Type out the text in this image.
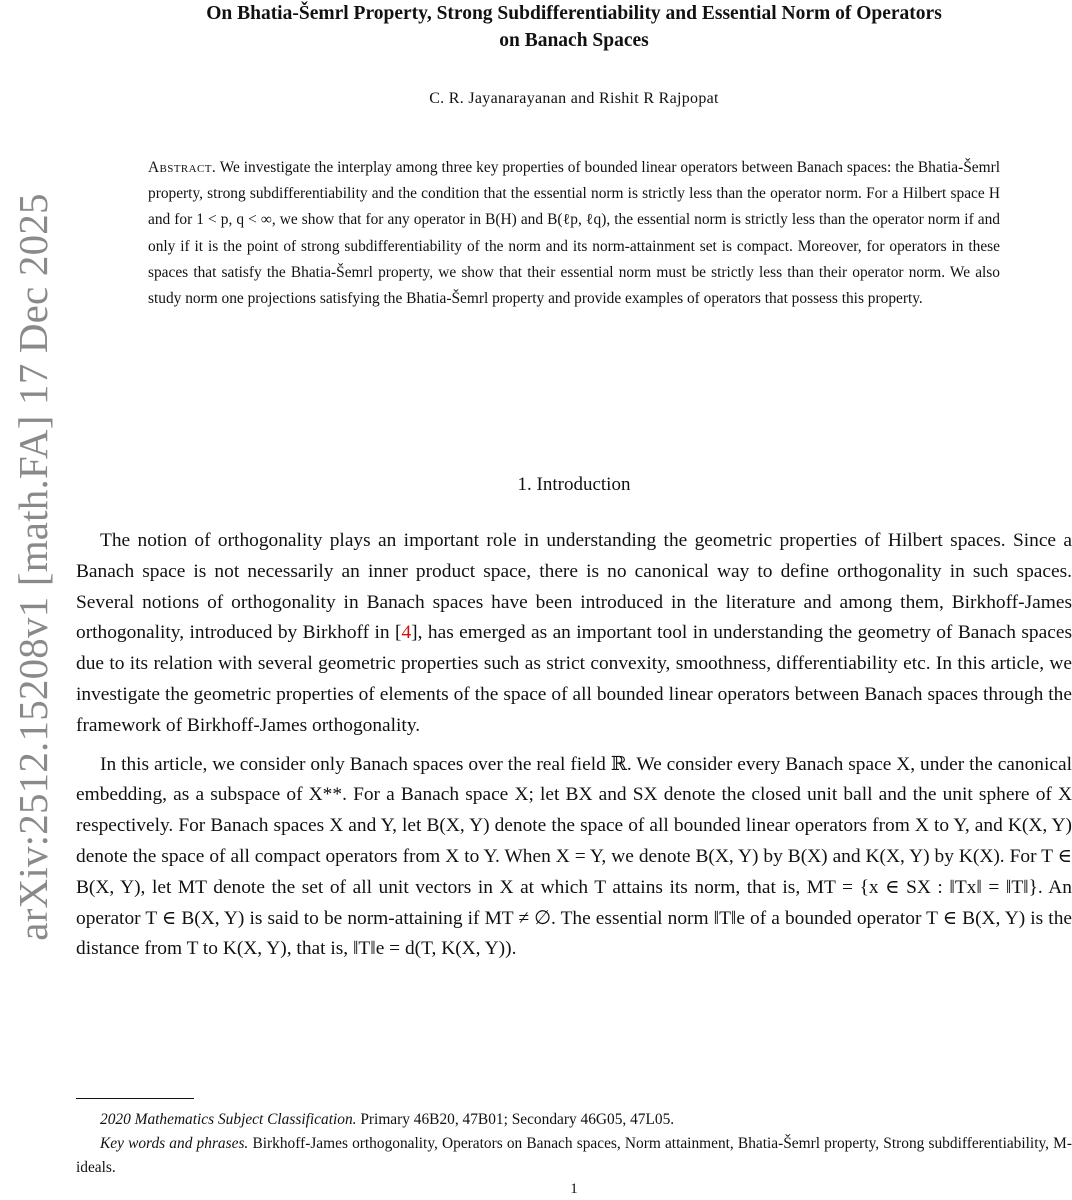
arXiv:2512.15208v1 [math.FA] 17 Dec 2025
On Bhatia-Šemrl Property, Strong Subdifferentiability and Essential Norm of Operators
on Banach Spaces
C. R. Jayanarayanan and Rishit R Rajpopat

Abstract. We investigate the interplay among three key properties of bounded linear operators between Banach spaces: the Bhatia-Šemrl property, strong subdifferentiability and the condition that the essential norm is strictly less than the operator norm. For a Hilbert space H and for 1 < p, q < ∞, we show that for any operator in B(H) and B(ℓp, ℓq), the essential norm is strictly less than the operator norm if and only if it is the point of strong subdifferentiability of the norm and its norm-attainment set is compact. Moreover, for operators in these spaces that satisfy the Bhatia-Šemrl property, we show that their essential norm must be strictly less than their operator norm. We also study norm one projections satisfying the Bhatia-Šemrl property and provide examples of operators that possess this property.

1. Introduction

The notion of orthogonality plays an important role in understanding the geometric properties of Hilbert spaces. Since a Banach space is not necessarily an inner product space, there is no canonical way to define orthogonality in such spaces. Several notions of orthogonality in Banach spaces have been introduced in the literature and among them, Birkhoff-James orthogonality, introduced by Birkhoff in [4], has emerged as an important tool in understanding the geometry of Banach spaces due to its relation with several geometric properties such as strict convexity, smoothness, differentiability etc. In this article, we investigate the geometric properties of elements of the space of all bounded linear operators between Banach spaces through the framework of Birkhoff-James orthogonality.

In this article, we consider only Banach spaces over the real field ℝ. We consider every Banach space X, under the canonical embedding, as a subspace of X**. For a Banach space X; let BX and SX denote the closed unit ball and the unit sphere of X respectively. For Banach spaces X and Y, let B(X, Y) denote the space of all bounded linear operators from X to Y, and K(X, Y) denote the space of all compact operators from X to Y. When X = Y, we denote B(X, Y) by B(X) and K(X, Y) by K(X). For T ∈ B(X, Y), let MT denote the set of all unit vectors in X at which T attains its norm, that is, MT = {x ∈ SX : ‖Tx‖ = ‖T‖}. An operator T ∈ B(X, Y) is said to be norm-attaining if MT ≠ ∅. The essential norm ‖T‖e of a bounded operator T ∈ B(X, Y) is the distance from T to K(X, Y), that is, ‖T‖e = d(T, K(X, Y)).

2020 Mathematics Subject Classification. Primary 46B20, 47B01; Secondary 46G05, 47L05.

Key words and phrases. Birkhoff-James orthogonality, Operators on Banach spaces, Norm attainment, Bhatia-Šemrl property, Strong subdifferentiability, M-ideals.

1
